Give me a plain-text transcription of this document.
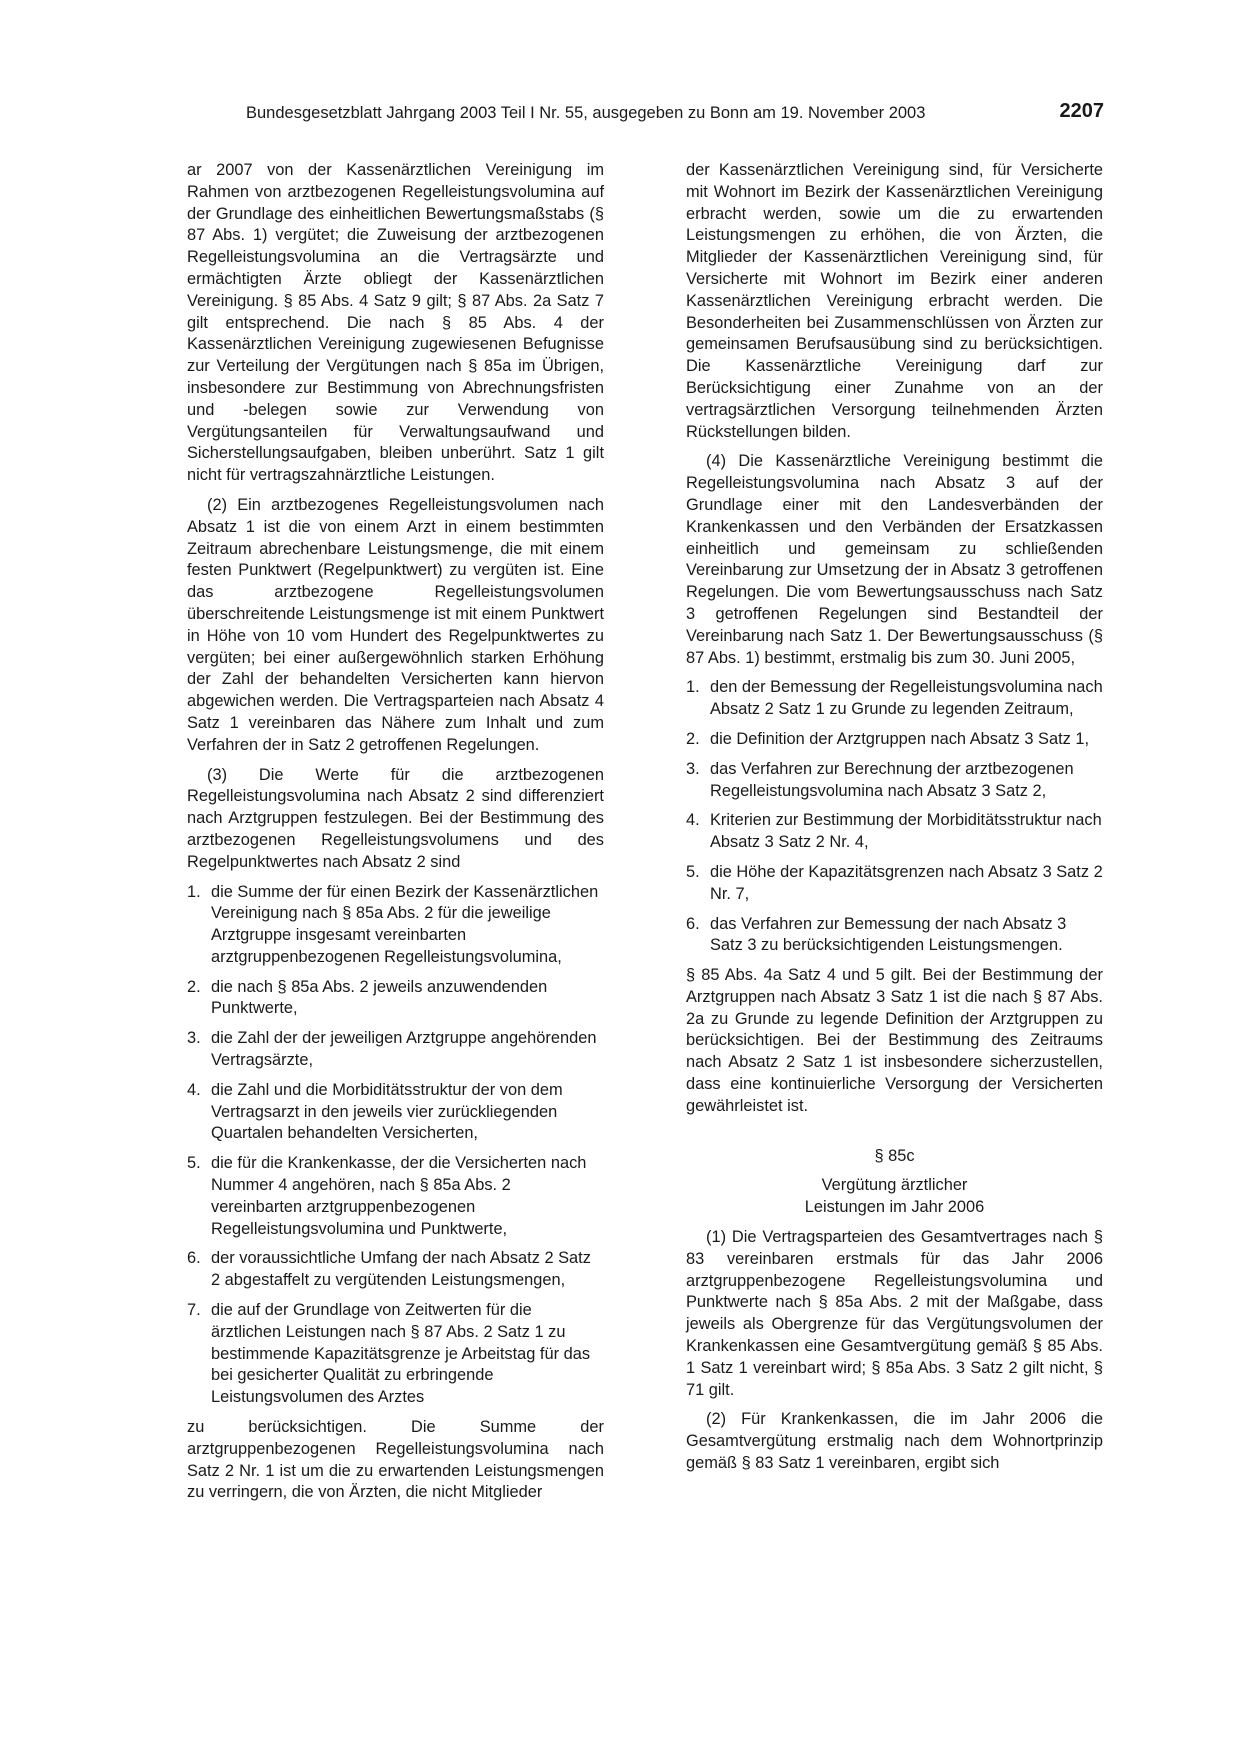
Bundesgesetzblatt Jahrgang 2003 Teil I Nr. 55, ausgegeben zu Bonn am 19. November 2003	2207

ar 2007 von der Kassenärztlichen Vereinigung im Rahmen von arztbezogenen Regelleistungsvolumina auf der Grundlage des einheitlichen Bewertungsmaßstabs (§ 87 Abs. 1) vergütet; die Zuweisung der arztbezogenen Regelleistungsvolumina an die Vertragsärzte und ermächtigten Ärzte obliegt der Kassenärztlichen Vereinigung. § 85 Abs. 4 Satz 9 gilt; § 87 Abs. 2a Satz 7 gilt entsprechend. Die nach § 85 Abs. 4 der Kassenärztlichen Vereinigung zugewiesenen Befugnisse zur Verteilung der Vergütungen nach § 85a im Übrigen, insbesondere zur Bestimmung von Abrechnungsfristen und -belegen sowie zur Verwendung von Vergütungsanteilen für Verwaltungsaufwand und Sicherstellungsaufgaben, bleiben unberührt. Satz 1 gilt nicht für vertragszahnärztliche Leistungen.

(2) Ein arztbezogenes Regelleistungsvolumen nach Absatz 1 ist die von einem Arzt in einem bestimmten Zeitraum abrechenbare Leistungsmenge, die mit einem festen Punktwert (Regelpunktwert) zu vergüten ist. Eine das arztbezogene Regelleistungsvolumen überschreitende Leistungsmenge ist mit einem Punktwert in Höhe von 10 vom Hundert des Regelpunktwertes zu vergüten; bei einer außergewöhnlich starken Erhöhung der Zahl der behandelten Versicherten kann hiervon abgewichen werden. Die Vertragsparteien nach Absatz 4 Satz 1 vereinbaren das Nähere zum Inhalt und zum Verfahren der in Satz 2 getroffenen Regelungen.

(3) Die Werte für die arztbezogenen Regelleistungsvolumina nach Absatz 2 sind differenziert nach Arztgruppen festzulegen. Bei der Bestimmung des arztbezogenen Regelleistungsvolumens und des Regelpunktwertes nach Absatz 2 sind

1. die Summe der für einen Bezirk der Kassenärztlichen Vereinigung nach § 85a Abs. 2 für die jeweilige Arztgruppe insgesamt vereinbarten arztgruppenbezogenen Regelleistungsvolumina,
2. die nach § 85a Abs. 2 jeweils anzuwendenden Punktwerte,
3. die Zahl der der jeweiligen Arztgruppe angehörenden Vertragsärzte,
4. die Zahl und die Morbiditätsstruktur der von dem Vertragsarzt in den jeweils vier zurückliegenden Quartalen behandelten Versicherten,
5. die für die Krankenkasse, der die Versicherten nach Nummer 4 angehören, nach § 85a Abs. 2 vereinbarten arztgruppenbezogenen Regelleistungsvolumina und Punktwerte,
6. der voraussichtliche Umfang der nach Absatz 2 Satz 2 abgestaffelt zu vergütenden Leistungsmengen,
7. die auf der Grundlage von Zeitwerten für die ärztlichen Leistungen nach § 87 Abs. 2 Satz 1 zu bestimmende Kapazitätsgrenze je Arbeitstag für das bei gesicherter Qualität zu erbringende Leistungsvolumen des Arztes

zu berücksichtigen. Die Summe der arztgruppenbezogenen Regelleistungsvolumina nach Satz 2 Nr. 1 ist um die zu erwartenden Leistungsmengen zu verringern, die von Ärzten, die nicht Mitglieder

der Kassenärztlichen Vereinigung sind, für Versicherte mit Wohnort im Bezirk der Kassenärztlichen Vereinigung erbracht werden, sowie um die zu erwartenden Leistungsmengen zu erhöhen, die von Ärzten, die Mitglieder der Kassenärztlichen Vereinigung sind, für Versicherte mit Wohnort im Bezirk einer anderen Kassenärztlichen Vereinigung erbracht werden. Die Besonderheiten bei Zusammenschlüssen von Ärzten zur gemeinsamen Berufsausübung sind zu berücksichtigen. Die Kassenärztliche Vereinigung darf zur Berücksichtigung einer Zunahme von an der vertragsärztlichen Versorgung teilnehmenden Ärzten Rückstellungen bilden.

(4) Die Kassenärztliche Vereinigung bestimmt die Regelleistungsvolumina nach Absatz 3 auf der Grundlage einer mit den Landesverbänden der Krankenkassen und den Verbänden der Ersatzkassen einheitlich und gemeinsam zu schließenden Vereinbarung zur Umsetzung der in Absatz 3 getroffenen Regelungen. Die vom Bewertungsausschuss nach Satz 3 getroffenen Regelungen sind Bestandteil der Vereinbarung nach Satz 1. Der Bewertungsausschuss (§ 87 Abs. 1) bestimmt, erstmalig bis zum 30. Juni 2005,

1. den der Bemessung der Regelleistungsvolumina nach Absatz 2 Satz 1 zu Grunde zu legenden Zeitraum,
2. die Definition der Arztgruppen nach Absatz 3 Satz 1,
3. das Verfahren zur Berechnung der arztbezogenen Regelleistungsvolumina nach Absatz 3 Satz 2,
4. Kriterien zur Bestimmung der Morbiditätsstruktur nach Absatz 3 Satz 2 Nr. 4,
5. die Höhe der Kapazitätsgrenzen nach Absatz 3 Satz 2 Nr. 7,
6. das Verfahren zur Bemessung der nach Absatz 3 Satz 3 zu berücksichtigenden Leistungsmengen.

§ 85 Abs. 4a Satz 4 und 5 gilt. Bei der Bestimmung der Arztgruppen nach Absatz 3 Satz 1 ist die nach § 87 Abs. 2a zu Grunde zu legende Definition der Arztgruppen zu berücksichtigen. Bei der Bestimmung des Zeitraums nach Absatz 2 Satz 1 ist insbesondere sicherzustellen, dass eine kontinuierliche Versorgung der Versicherten gewährleistet ist.

§ 85c
Vergütung ärztlicher
Leistungen im Jahr 2006

(1) Die Vertragsparteien des Gesamtvertrages nach § 83 vereinbaren erstmals für das Jahr 2006 arztgruppenbezogene Regelleistungsvolumina und Punktwerte nach § 85a Abs. 2 mit der Maßgabe, dass jeweils als Obergrenze für das Vergütungsvolumen der Krankenkassen eine Gesamtvergütung gemäß § 85 Abs. 1 Satz 1 vereinbart wird; § 85a Abs. 3 Satz 2 gilt nicht, § 71 gilt.

(2) Für Krankenkassen, die im Jahr 2006 die Gesamtvergütung erstmalig nach dem Wohnortprinzip gemäß § 83 Satz 1 vereinbaren, ergibt sich
